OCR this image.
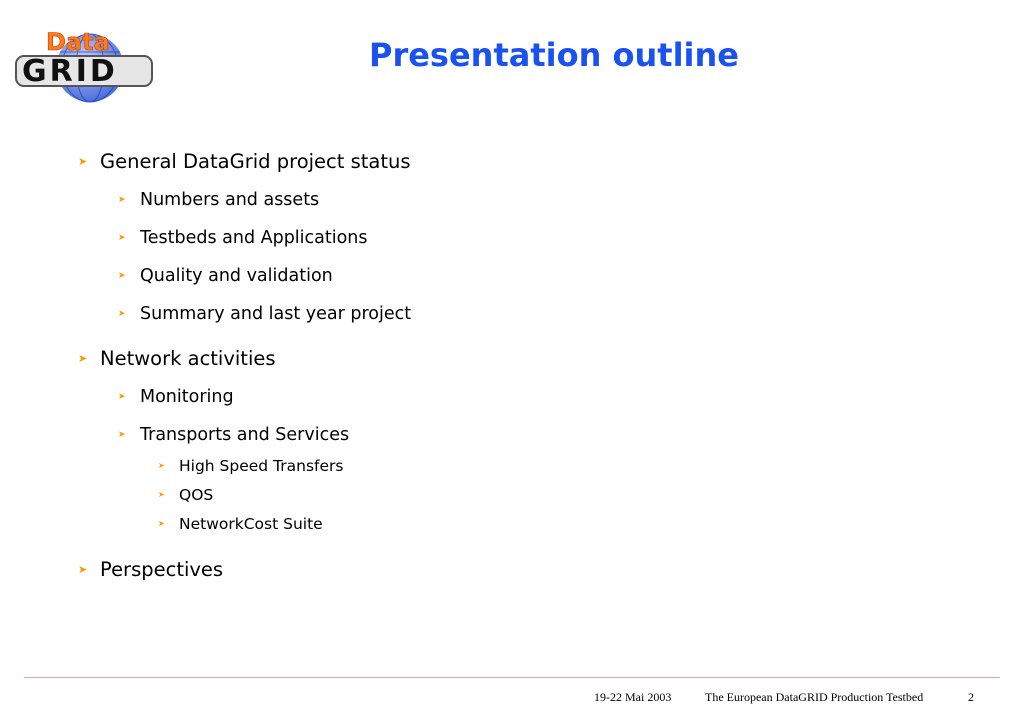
Data
GRID	Presentation outline
➤ General DataGrid project status
➤ Numbers and assets
➤ Testbeds and Applications
➤ Quality and validation
➤ Summary and last year project
➤ Network activities
➤ Monitoring
➤ Transports and Services
➤ High Speed Transfers
➤ QOS
➤ NetworkCost Suite
➤ Perspectives
19-22 Mai 2003	The European DataGRID Production Testbed	2
